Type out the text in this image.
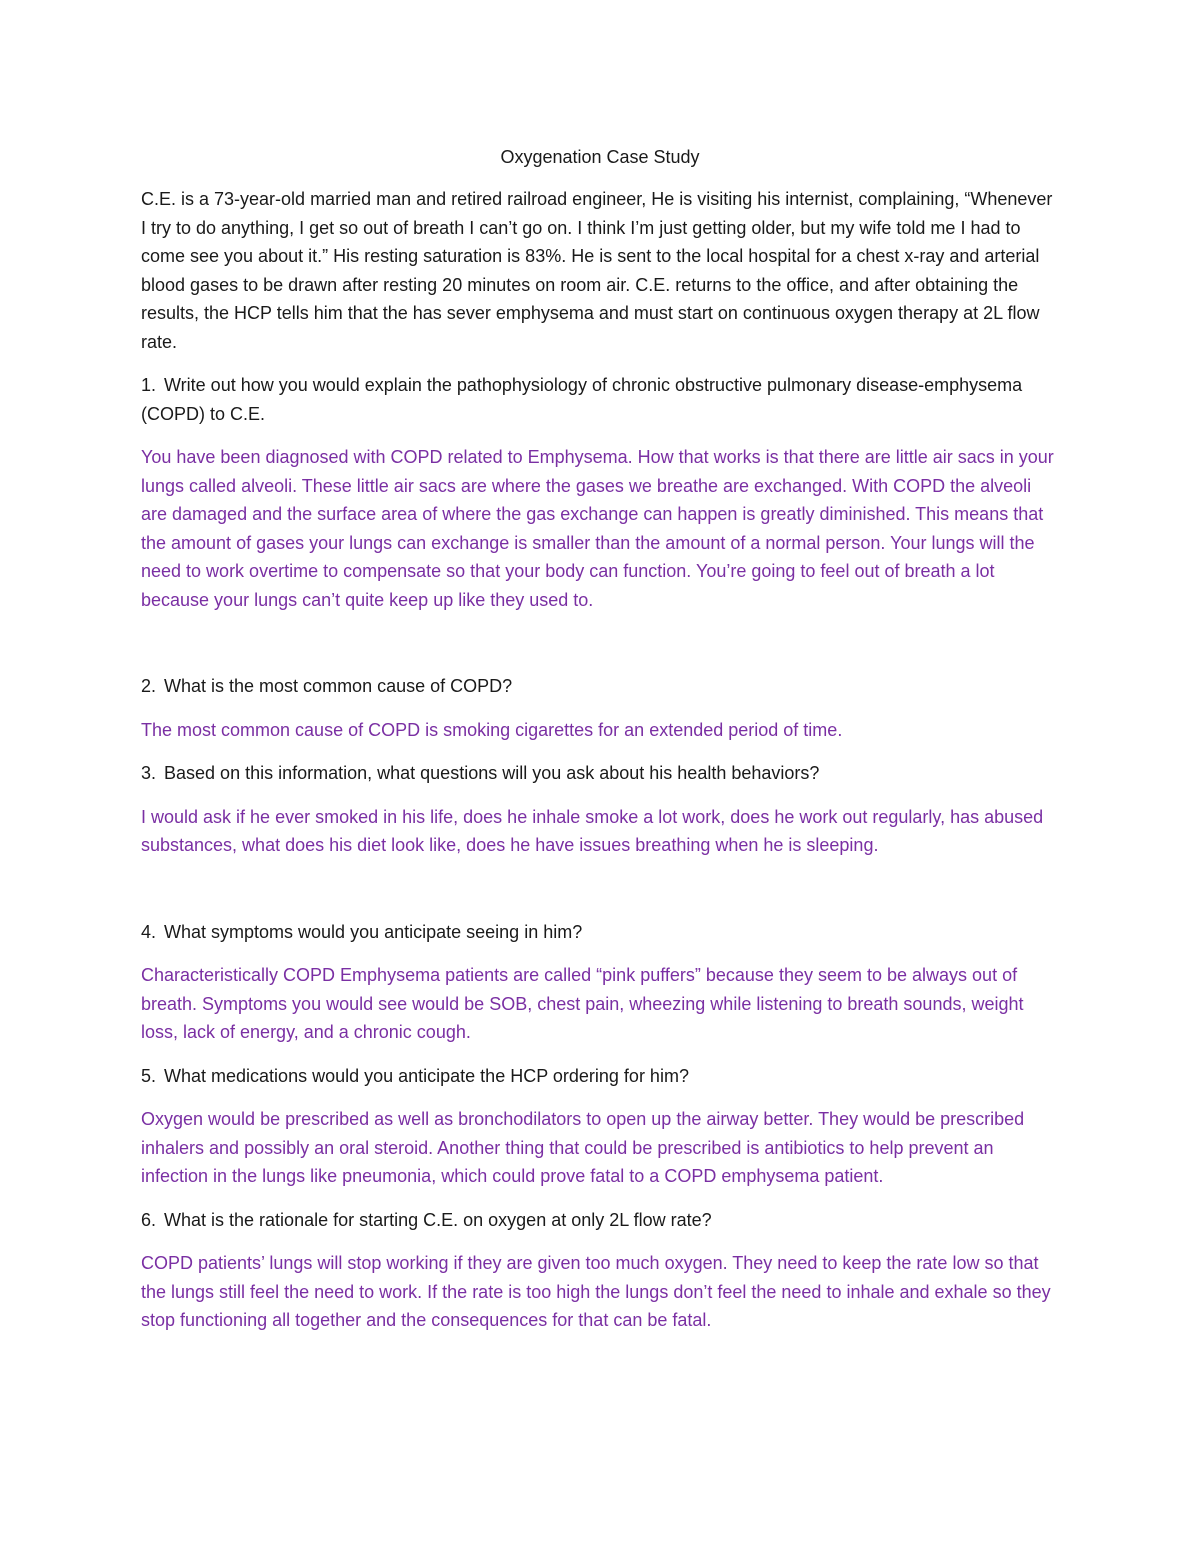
Oxygenation Case Study

C.E. is a 73-year-old married man and retired railroad engineer, He is visiting his internist, complaining, “Whenever I try to do anything, I get so out of breath I can’t go on. I think I’m just getting older, but my wife told me I had to come see you about it.” His resting saturation is 83%. He is sent to the local hospital for a chest x-ray and arterial blood gases to be drawn after resting 20 minutes on room air. C.E. returns to the office, and after obtaining the results, the HCP tells him that the has sever emphysema and must start on continuous oxygen therapy at 2L flow rate.

1. Write out how you would explain the pathophysiology of chronic obstructive pulmonary disease-emphysema (COPD) to C.E.

You have been diagnosed with COPD related to Emphysema. How that works is that there are little air sacs in your lungs called alveoli. These little air sacs are where the gases we breathe are exchanged. With COPD the alveoli are damaged and the surface area of where the gas exchange can happen is greatly diminished. This means that the amount of gases your lungs can exchange is smaller than the amount of a normal person. Your lungs will the need to work overtime to compensate so that your body can function. You’re going to feel out of breath a lot because your lungs can’t quite keep up like they used to.

2. What is the most common cause of COPD?

The most common cause of COPD is smoking cigarettes for an extended period of time.

3. Based on this information, what questions will you ask about his health behaviors?

I would ask if he ever smoked in his life, does he inhale smoke a lot work, does he work out regularly, has abused substances, what does his diet look like, does he have issues breathing when he is sleeping.

4. What symptoms would you anticipate seeing in him?

Characteristically COPD Emphysema patients are called “pink puffers” because they seem to be always out of breath. Symptoms you would see would be SOB, chest pain, wheezing while listening to breath sounds, weight loss, lack of energy, and a chronic cough.

5. What medications would you anticipate the HCP ordering for him?

Oxygen would be prescribed as well as bronchodilators to open up the airway better. They would be prescribed inhalers and possibly an oral steroid. Another thing that could be prescribed is antibiotics to help prevent an infection in the lungs like pneumonia, which could prove fatal to a COPD emphysema patient.

6. What is the rationale for starting C.E. on oxygen at only 2L flow rate?

COPD patients’ lungs will stop working if they are given too much oxygen. They need to keep the rate low so that the lungs still feel the need to work. If the rate is too high the lungs don’t feel the need to inhale and exhale so they stop functioning all together and the consequences for that can be fatal.
